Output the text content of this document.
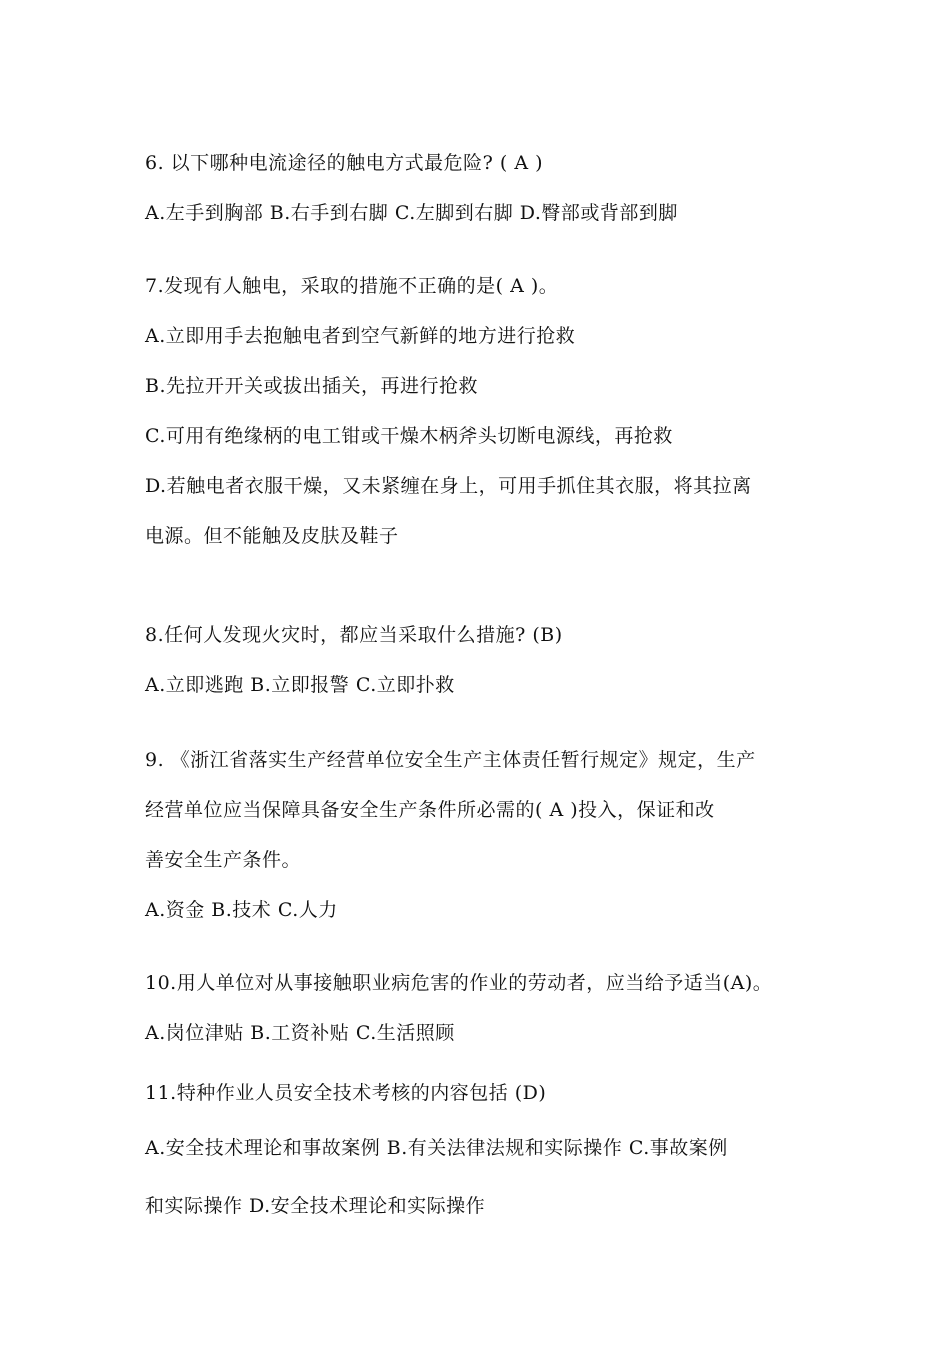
6. 以下哪种电流途径的触电方式最危险? ( A )
A.左手到胸部 B.右手到右脚 C.左脚到右脚 D.臀部或背部到脚
7.发现有人触电，采取的措施不正确的是( A )。
A.立即用手去抱触电者到空气新鲜的地方进行抢救
B.先拉开开关或拔出插关，再进行抢救
C.可用有绝缘柄的电工钳或干燥木柄斧头切断电源线，再抢救
D.若触电者衣服干燥，又未紧缠在身上，可用手抓住其衣服，将其拉离
电源。但不能触及皮肤及鞋子
8.任何人发现火灾时，都应当采取什么措施? (B)
A.立即逃跑 B.立即报警 C.立即扑救
9. 《浙江省落实生产经营单位安全生产主体责任暂行规定》规定，生产
经营单位应当保障具备安全生产条件所必需的( A )投入，保证和改
善安全生产条件。
A.资金 B.技术 C.人力
10.用人单位对从事接触职业病危害的作业的劳动者，应当给予适当(A)。
A.岗位津贴 B.工资补贴 C.生活照顾
11.特种作业人员安全技术考核的内容包括 (D)
A.安全技术理论和事故案例 B.有关法律法规和实际操作 C.事故案例
和实际操作 D.安全技术理论和实际操作
